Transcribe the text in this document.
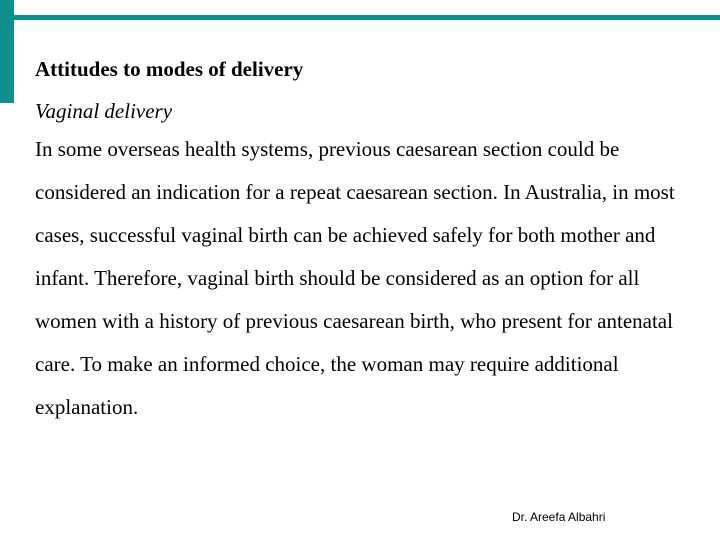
Attitudes to modes of delivery

Vaginal delivery

In some overseas health systems, previous caesarean section could be considered an indication for a repeat caesarean section. In Australia, in most cases, successful vaginal birth can be achieved safely for both mother and infant. Therefore, vaginal birth should be considered as an option for all women with a history of previous caesarean birth, who present for antenatal care. To make an informed choice, the woman may require additional explanation.

Dr. Areefa Albahri
